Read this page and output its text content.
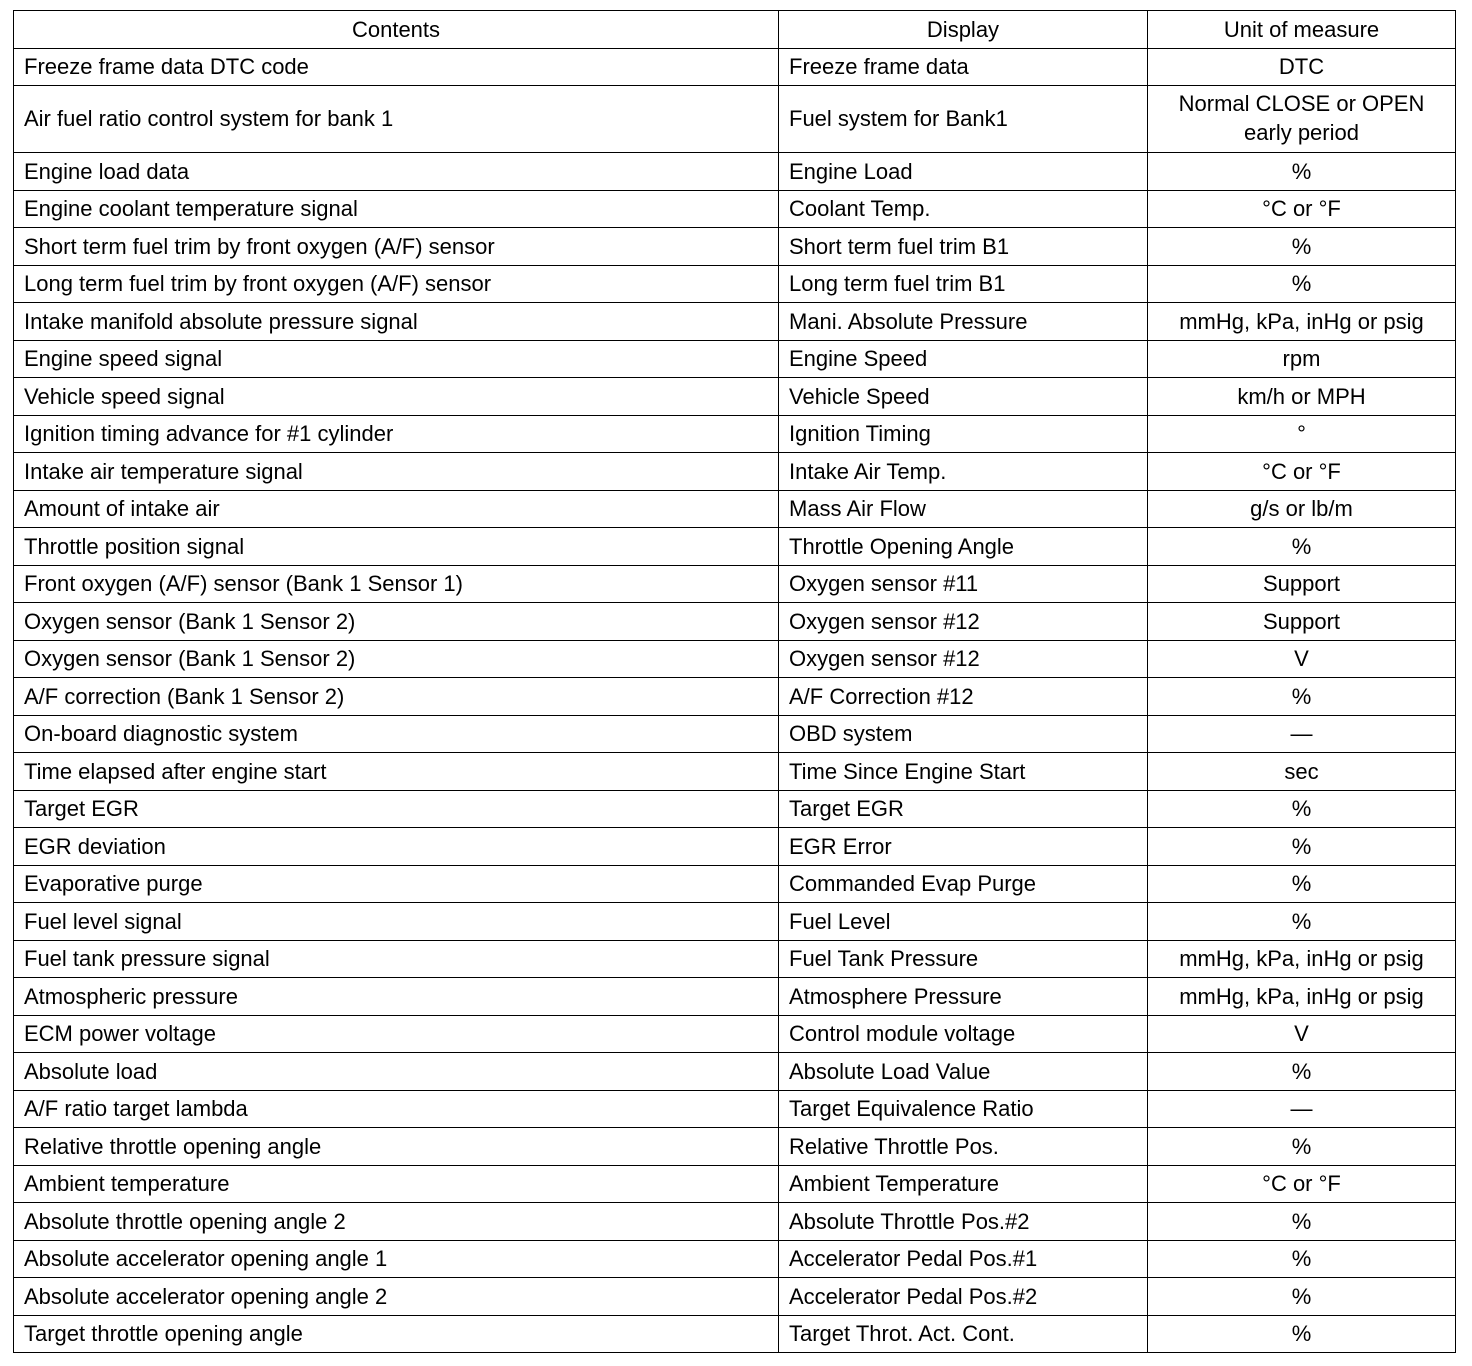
Contents	Display	Unit of measure
Freeze frame data DTC code	Freeze frame data	DTC
Air fuel ratio control system for bank 1	Fuel system for Bank1	Normal CLOSE or OPEN early period
Engine load data	Engine Load	%
Engine coolant temperature signal	Coolant Temp.	°C or °F
Short term fuel trim by front oxygen (A/F) sensor	Short term fuel trim B1	%
Long term fuel trim by front oxygen (A/F) sensor	Long term fuel trim B1	%
Intake manifold absolute pressure signal	Mani. Absolute Pressure	mmHg, kPa, inHg or psig
Engine speed signal	Engine Speed	rpm
Vehicle speed signal	Vehicle Speed	km/h or MPH
Ignition timing advance for #1 cylinder	Ignition Timing	°
Intake air temperature signal	Intake Air Temp.	°C or °F
Amount of intake air	Mass Air Flow	g/s or lb/m
Throttle position signal	Throttle Opening Angle	%
Front oxygen (A/F) sensor (Bank 1 Sensor 1)	Oxygen sensor #11	Support
Oxygen sensor (Bank 1 Sensor 2)	Oxygen sensor #12	Support
Oxygen sensor (Bank 1 Sensor 2)	Oxygen sensor #12	V
A/F correction (Bank 1 Sensor 2)	A/F Correction #12	%
On-board diagnostic system	OBD system	—
Time elapsed after engine start	Time Since Engine Start	sec
Target EGR	Target EGR	%
EGR deviation	EGR Error	%
Evaporative purge	Commanded Evap Purge	%
Fuel level signal	Fuel Level	%
Fuel tank pressure signal	Fuel Tank Pressure	mmHg, kPa, inHg or psig
Atmospheric pressure	Atmosphere Pressure	mmHg, kPa, inHg or psig
ECM power voltage	Control module voltage	V
Absolute load	Absolute Load Value	%
A/F ratio target lambda	Target Equivalence Ratio	—
Relative throttle opening angle	Relative Throttle Pos.	%
Ambient temperature	Ambient Temperature	°C or °F
Absolute throttle opening angle 2	Absolute Throttle Pos.#2	%
Absolute accelerator opening angle 1	Accelerator Pedal Pos.#1	%
Absolute accelerator opening angle 2	Accelerator Pedal Pos.#2	%
Target throttle opening angle	Target Throt. Act. Cont.	%
